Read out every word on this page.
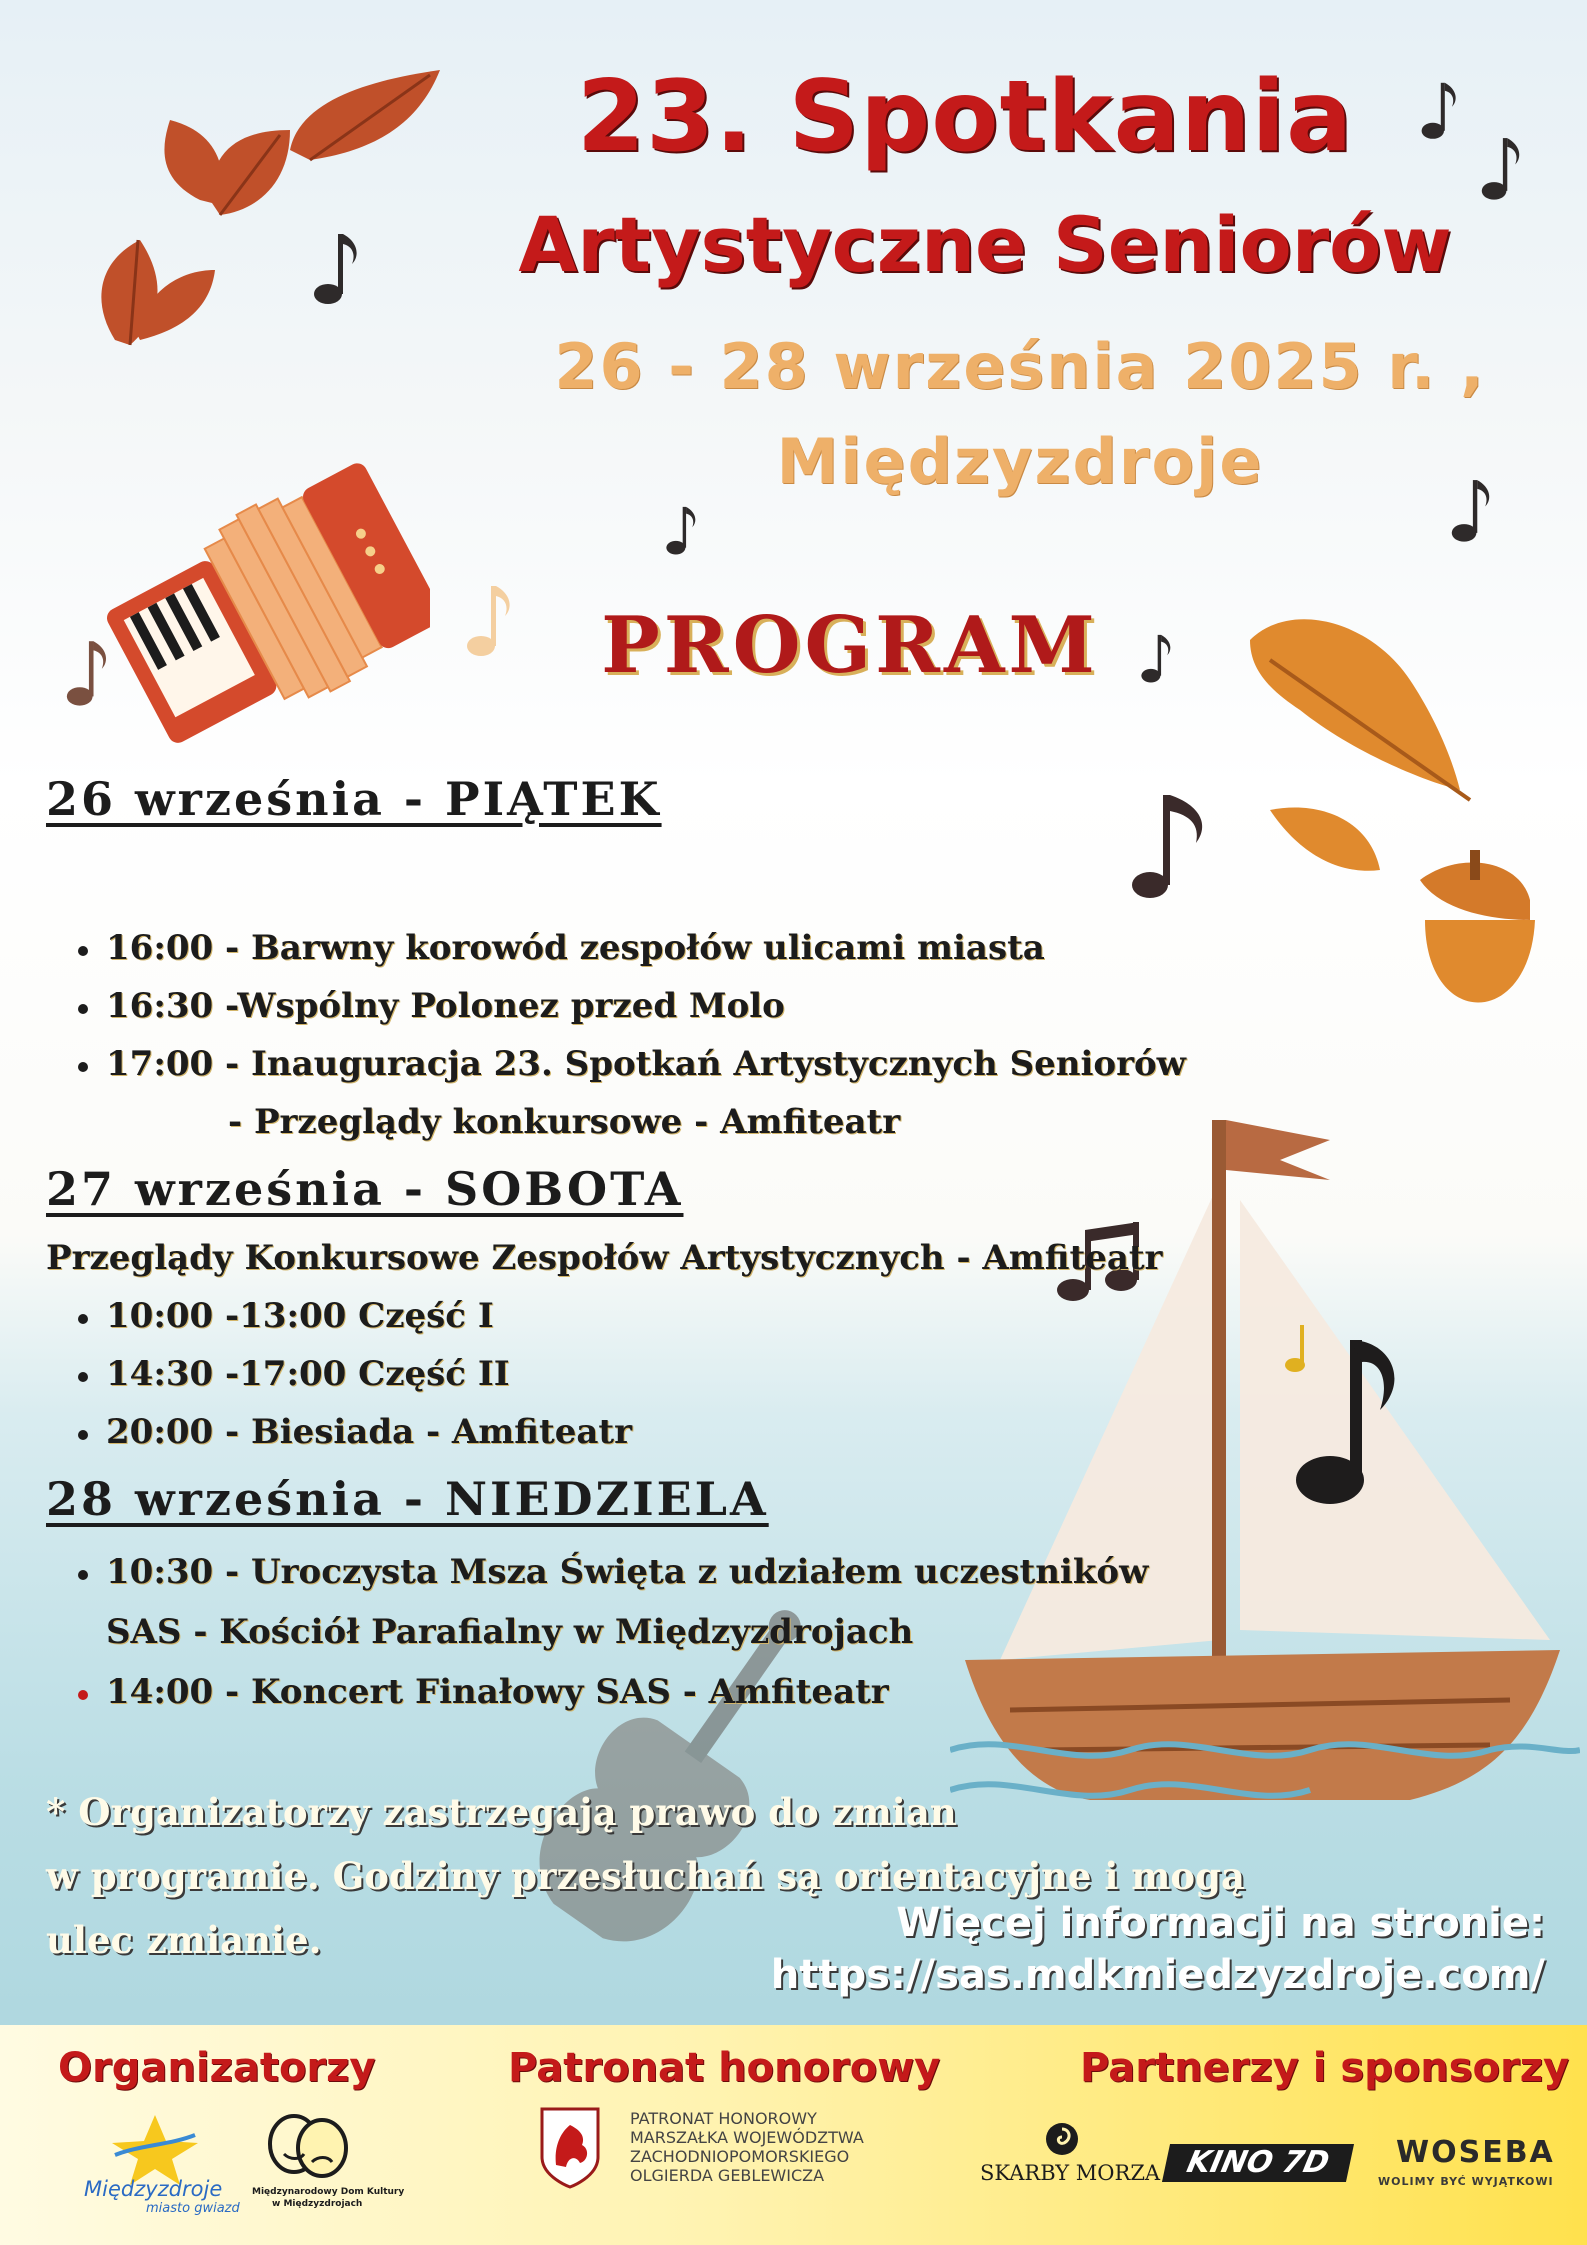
23. Spotkania
Artystyczne Seniorów
26 - 28 września 2025 r. ,
Międzyzdroje
PROGRAM
26 września - PIĄTEK
16:00 - Barwny korowód zespołów ulicami miasta
16:30 -Wspólny Polonez przed Molo
17:00 - Inauguracja 23. Spotkań Artystycznych Seniorów
- Przeglądy konkursowe - Amfiteatr
27 września - SOBOTA
Przeglądy Konkursowe Zespołów Artystycznych - Amfiteatr
10:00 -13:00 Część I
14:30 -17:00 Część II
20:00 - Biesiada - Amfiteatr
28 września - NIEDZIELA
10:30 - Uroczysta Msza Święta z udziałem uczestników
SAS - Kościół Parafialny w Międzyzdrojach
14:00 - Koncert Finałowy SAS - Amfiteatr
* Organizatorzy zastrzegają prawo do zmian
w programie. Godziny przesłuchań są orientacyjne i mogą
ulec zmianie.	Więcej informacji na stronie:
https://sas.mdkmiedzyzdroje.com/
Organizatorzy	Patronat honorowy	Partnerzy i sponsorzy
Międzyzdroje
miasto gwiazd
Międzynarodowy Dom Kultury
w Międzyzdrojach
PATRONAT HONOROWY
MARSZAŁKA WOJEWÓDZTWA
ZACHODNIOPOMORSKIEGO
OLGIERDA GEBLEWICZA	SKARBY MORZA KINO 7D	WOSEBA
WOLIMY BYĆ WYJĄTKOWI
